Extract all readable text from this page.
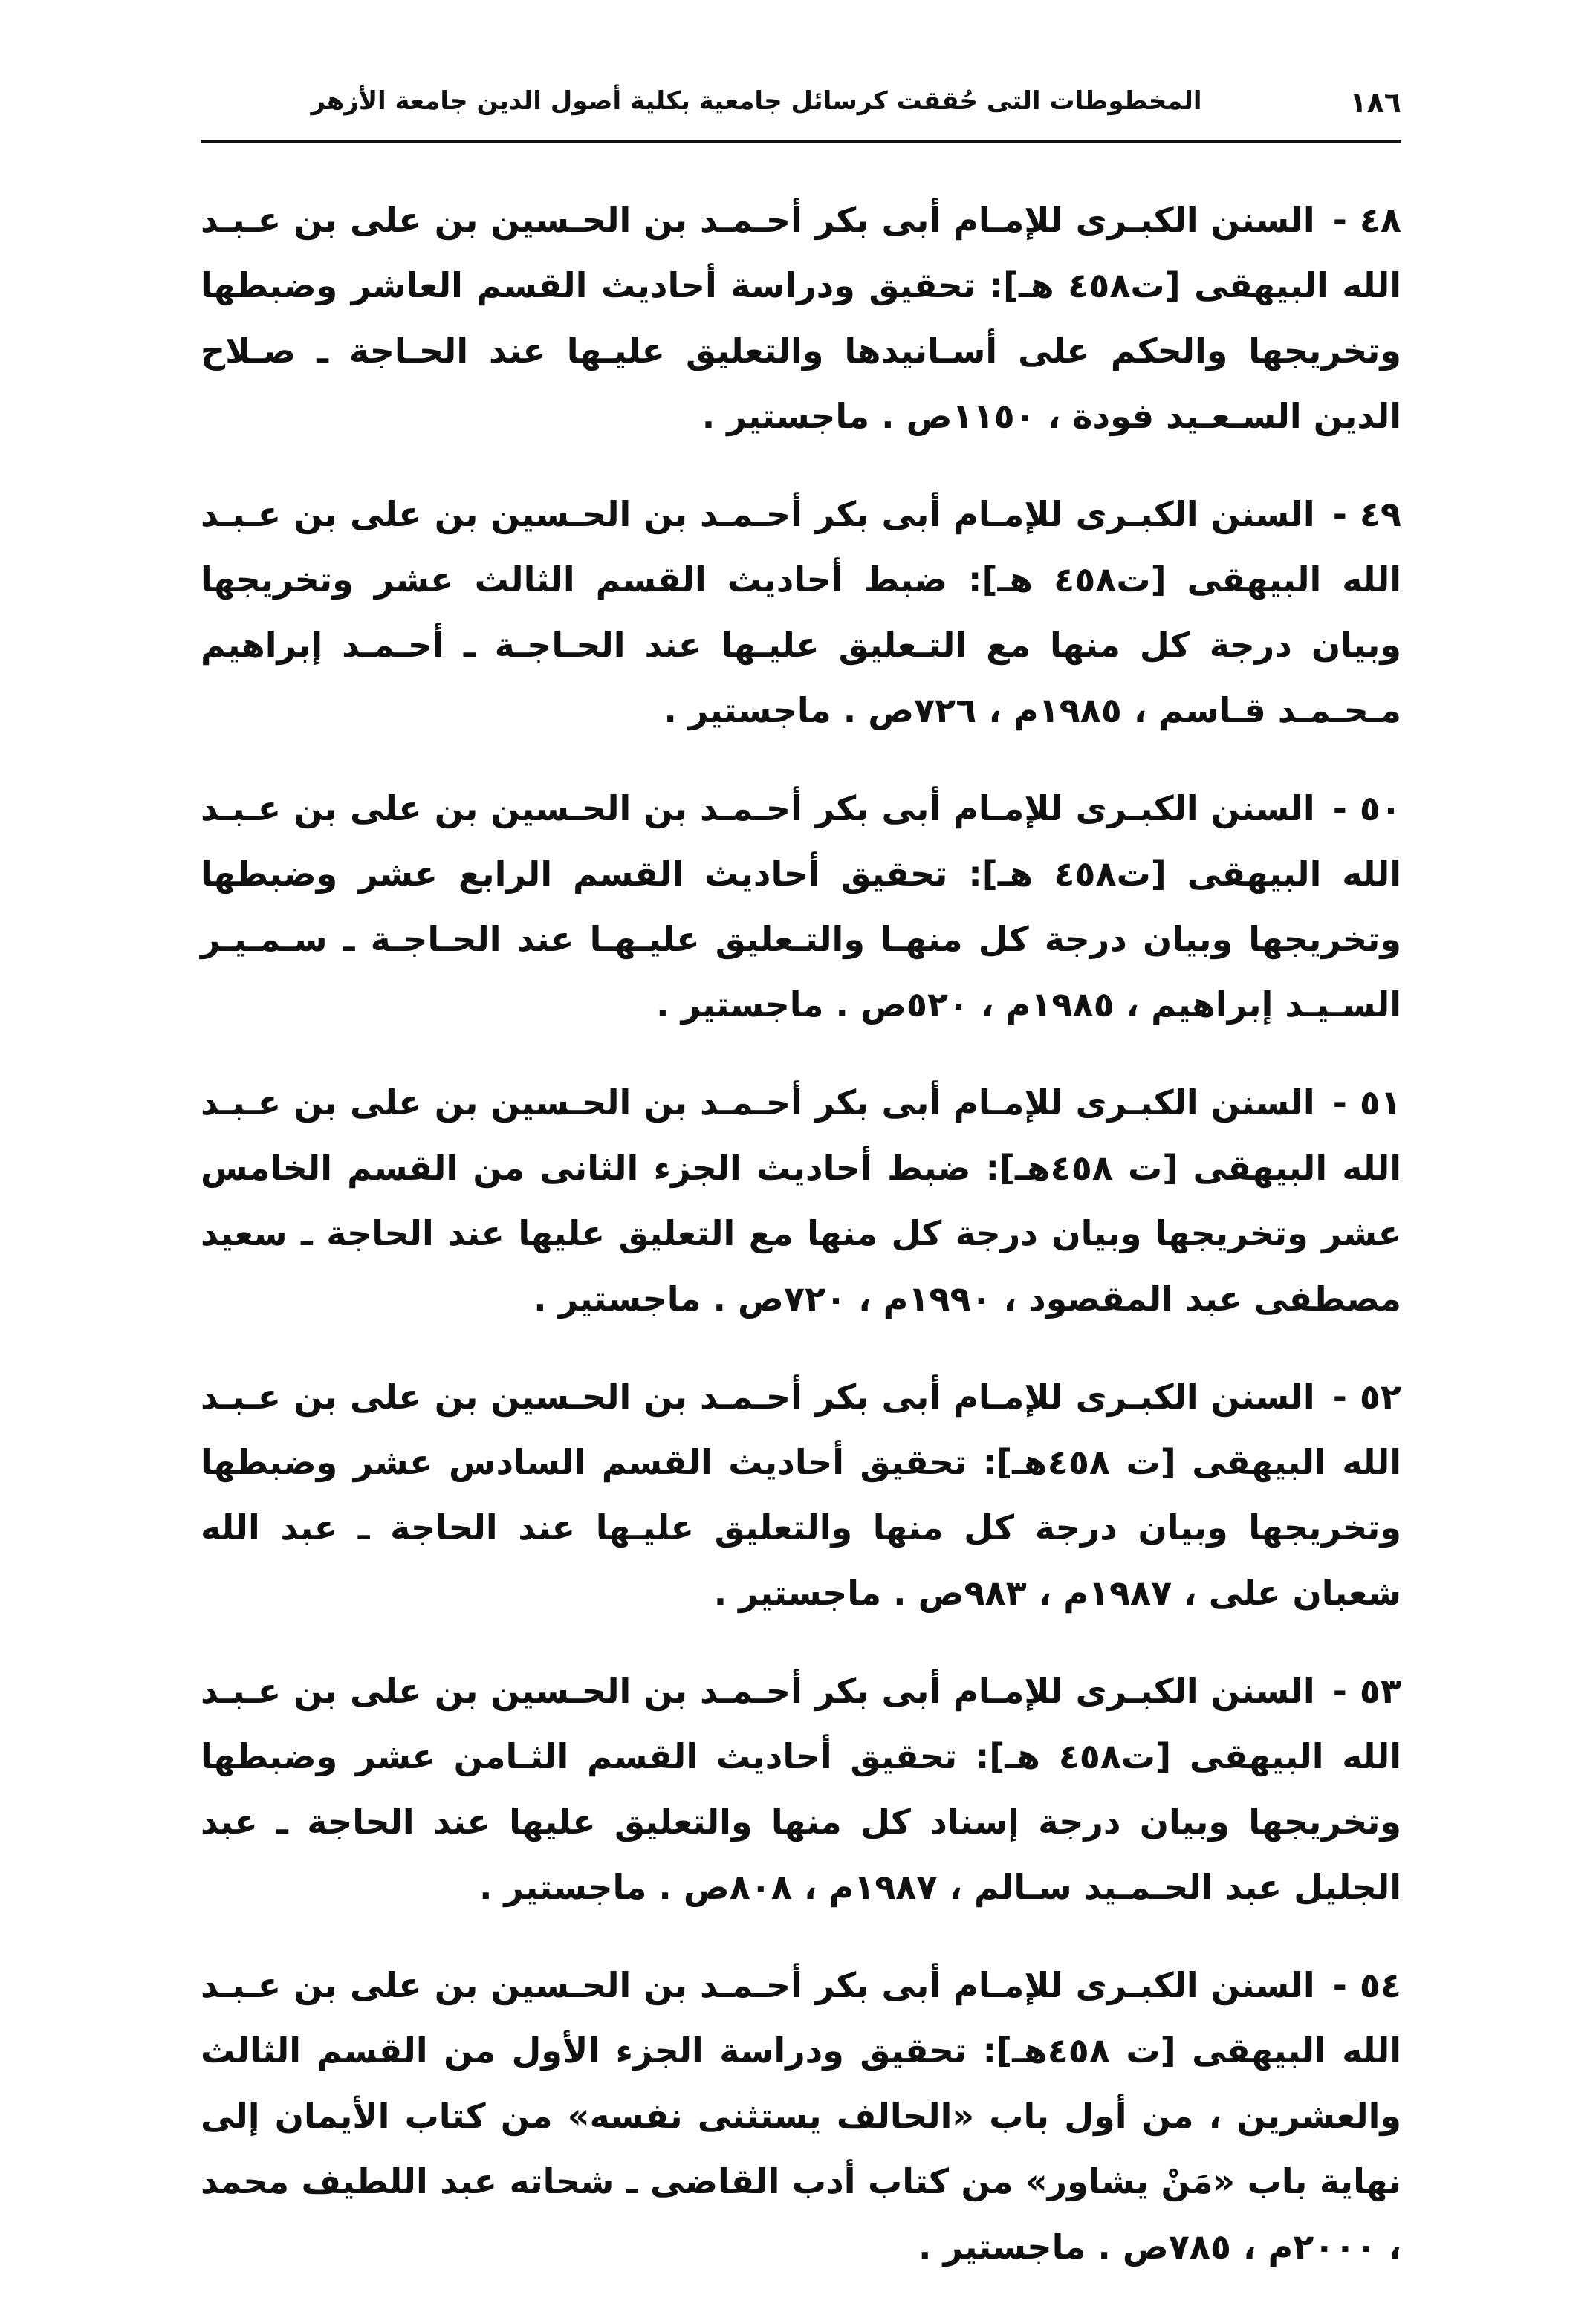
١٨٦
المخطوطات التى حُققت كرسائل جامعية بكلية أصول الدين جامعة الأزهر

٤٨ -السنن الكبـرى للإمـام أبى بكر أحـمـد بن الحـسين بن على بن عـبـد الله البيهقى [ت٤٥٨ هـ]: تحقيق ودراسة أحاديث القسم العاشر وضبطها وتخريجها والحكم على أسـانيدها والتعليق عليـها عند الحـاجة ـ صـلاح الدين السـعـيد فودة ، ١١٥٠ص . ماجستير .

٤٩ -السنن الكبـرى للإمـام أبى بكر أحـمـد بن الحـسين بن على بن عـبـد الله البيهقى [ت٤٥٨ هـ]: ضبط أحاديث القسم الثالث عشر وتخريجها وبيان درجة كل منها مع التـعليق عليـها عند الحـاجـة ـ أحـمـد إبراهيم مـحـمـد قـاسم ، ١٩٨٥م ، ٧٢٦ص . ماجستير .

٥٠ -السنن الكبـرى للإمـام أبى بكر أحـمـد بن الحـسين بن على بن عـبـد الله البيهقى [ت٤٥٨ هـ]: تحقيق أحاديث القسم الرابع عشر وضبطها وتخريجها وبيان درجة كل منهـا والتـعليق عليـهـا عند الحـاجـة ـ سـمـيـر السـيـد إبراهيم ، ١٩٨٥م ، ٥٢٠ص . ماجستير .

٥١ -السنن الكبـرى للإمـام أبى بكر أحـمـد بن الحـسين بن على بن عـبـد الله البيهقى [ت ٤٥٨هـ]: ضبط أحاديث الجزء الثانى من القسم الخامس عشر وتخريجها وبيان درجة كل منها مع التعليق عليها عند الحاجة ـ سعيد مصطفى عبد المقصود ، ١٩٩٠م ، ٧٢٠ص . ماجستير .

٥٢ -السنن الكبـرى للإمـام أبى بكر أحـمـد بن الحـسين بن على بن عـبـد الله البيهقى [ت ٤٥٨هـ]: تحقيق أحاديث القسم السادس عشر وضبطها وتخريجها وبيان درجة كل منها والتعليق عليـها عند الحاجة ـ عبد الله شعبان على ، ١٩٨٧م ، ٩٨٣ص . ماجستير .

٥٣ -السنن الكبـرى للإمـام أبى بكر أحـمـد بن الحـسين بن على بن عـبـد الله البيهقى [ت٤٥٨ هـ]: تحقيق أحاديث القسم الثـامن عشر وضبطها وتخريجها وبيان درجة إسناد كل منها والتعليق عليها عند الحاجة ـ عبد الجليل عبد الحـمـيد سـالم ، ١٩٨٧م ، ٨٠٨ص . ماجستير .

٥٤ -السنن الكبـرى للإمـام أبى بكر أحـمـد بن الحـسين بن على بن عـبـد الله البيهقى [ت ٤٥٨هـ]: تحقيق ودراسة الجزء الأول من القسم الثالث والعشرين ، من أول باب «الحالف يستثنى نفسه» من كتاب الأيمان إلى نهاية باب «مَنْ يشاور» من كتاب أدب القاضى ـ شحاته عبد اللطيف محمد ، ٢٠٠٠م ، ٧٨٥ص . ماجستير .
